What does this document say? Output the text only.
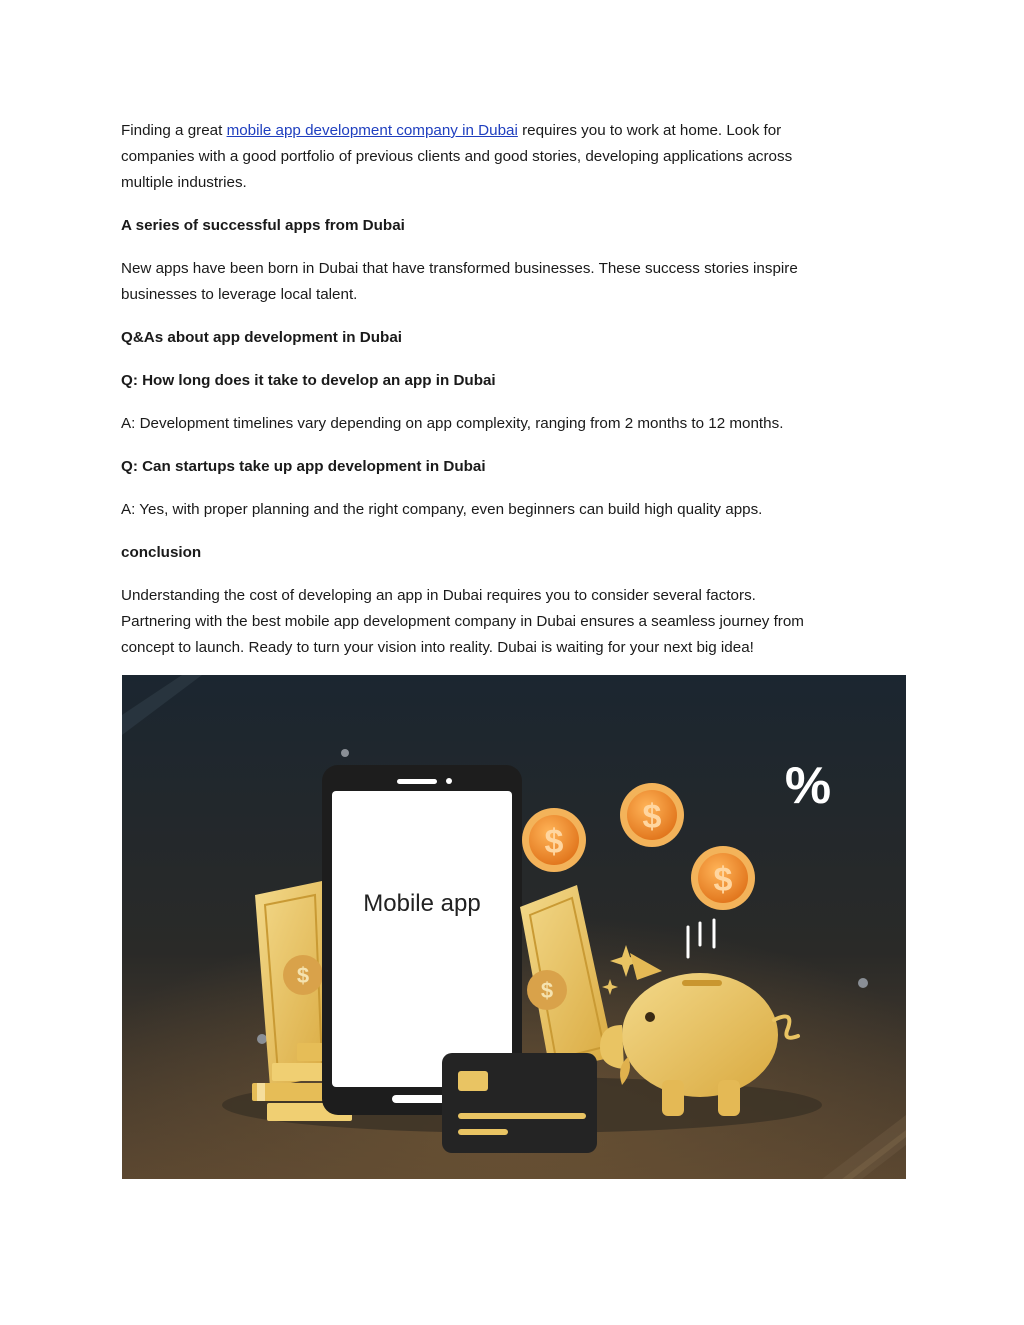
Finding a great mobile app development company in Dubai requires you to work at home. Look for
companies with a good portfolio of previous clients and good stories, developing applications across
multiple industries.

A series of successful apps from Dubai

New apps have been born in Dubai that have transformed businesses. These success stories inspire
businesses to leverage local talent.

Q&As about app development in Dubai

Q: How long does it take to develop an app in Dubai

A: Development timelines vary depending on app complexity, ranging from 2 months to 12 months.

Q: Can startups take up app development in Dubai

A: Yes, with proper planning and the right company, even beginners can build high quality apps.

conclusion

Understanding the cost of developing an app in Dubai requires you to consider several factors.
Partnering with the best mobile app development company in Dubai ensures a seamless journey from
concept to launch. Ready to turn your vision into reality. Dubai is waiting for your next big idea!

$
Mobile app
$
$
$
$
%
